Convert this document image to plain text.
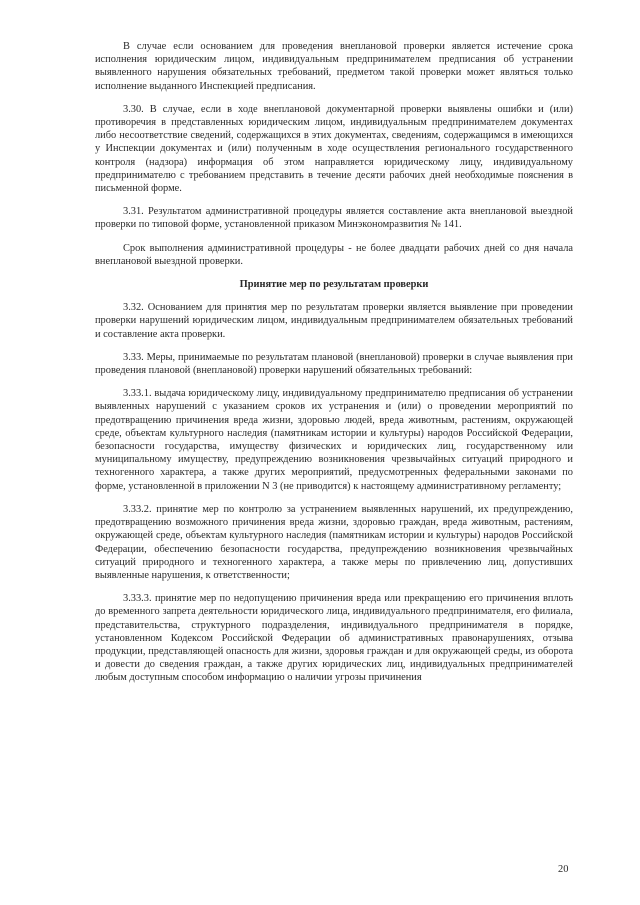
В случае если основанием для проведения внеплановой проверки является истечение срока исполнения юридическим лицом, индивидуальным предпринимателем предписания об устранении выявленного нарушения обязательных требований, предметом такой проверки может являться только исполнение выданного Инспекцией предписания.

3.30. В случае, если в ходе внеплановой документарной проверки выявлены ошибки и (или) противоречия в представленных юридическим лицом, индивидуальным предпринимателем документах либо несоответствие сведений, содержащихся в этих документах, сведениям, содержащимся в имеющихся у Инспекции документах и (или) полученным в ходе осуществления регионального государственного контроля (надзора) информация об этом направляется юридическому лицу, индивидуальному предпринимателю с требованием представить в течение десяти рабочих дней необходимые пояснения в письменной форме.

3.31. Результатом административной процедуры является составление акта внеплановой выездной проверки по типовой форме, установленной приказом Минэкономразвития № 141.

Срок выполнения административной процедуры - не более двадцати рабочих дней со дня начала внеплановой выездной проверки.

Принятие мер по результатам проверки

3.32. Основанием для принятия мер по результатам проверки является выявление при проведении проверки нарушений юридическим лицом, индивидуальным предпринимателем обязательных требований и составление акта проверки.

3.33. Меры, принимаемые по результатам плановой (внеплановой) проверки в случае выявления при проведения плановой (внеплановой) проверки нарушений обязательных требований:

3.33.1. выдача юридическому лицу, индивидуальному предпринимателю предписания об устранении выявленных нарушений с указанием сроков их устранения и (или) о проведении мероприятий по предотвращению причинения вреда жизни, здоровью людей, вреда животным, растениям, окружающей среде, объектам культурного наследия (памятникам истории и культуры) народов Российской Федерации, безопасности государства, имуществу физических и юридических лиц, государственному или муниципальному имуществу, предупреждению возникновения чрезвычайных ситуаций природного и техногенного характера, а также других мероприятий, предусмотренных федеральными законами по форме, установленной в приложении N 3 (не приводится) к настоящему административному регламенту;

3.33.2. принятие мер по контролю за устранением выявленных нарушений, их предупреждению, предотвращению возможного причинения вреда жизни, здоровью граждан, вреда животным, растениям, окружающей среде, объектам культурного наследия (памятникам истории и культуры) народов Российской Федерации, обеспечению безопасности государства, предупреждению возникновения чрезвычайных ситуаций природного и техногенного характера, а также меры по привлечению лиц, допустивших выявленные нарушения, к ответственности;

3.33.3. принятие мер по недопущению причинения вреда или прекращению его причинения вплоть до временного запрета деятельности юридического лица, индивидуального предпринимателя, его филиала, представительства, структурного подразделения, индивидуального предпринимателя в порядке, установленном Кодексом Российской Федерации об административных правонарушениях, отзыва продукции, представляющей опасность для жизни, здоровья граждан и для окружающей среды, из оборота и довести до сведения граждан, а также других юридических лиц, индивидуальных предпринимателей любым доступным способом информацию о наличии угрозы причинения

20
